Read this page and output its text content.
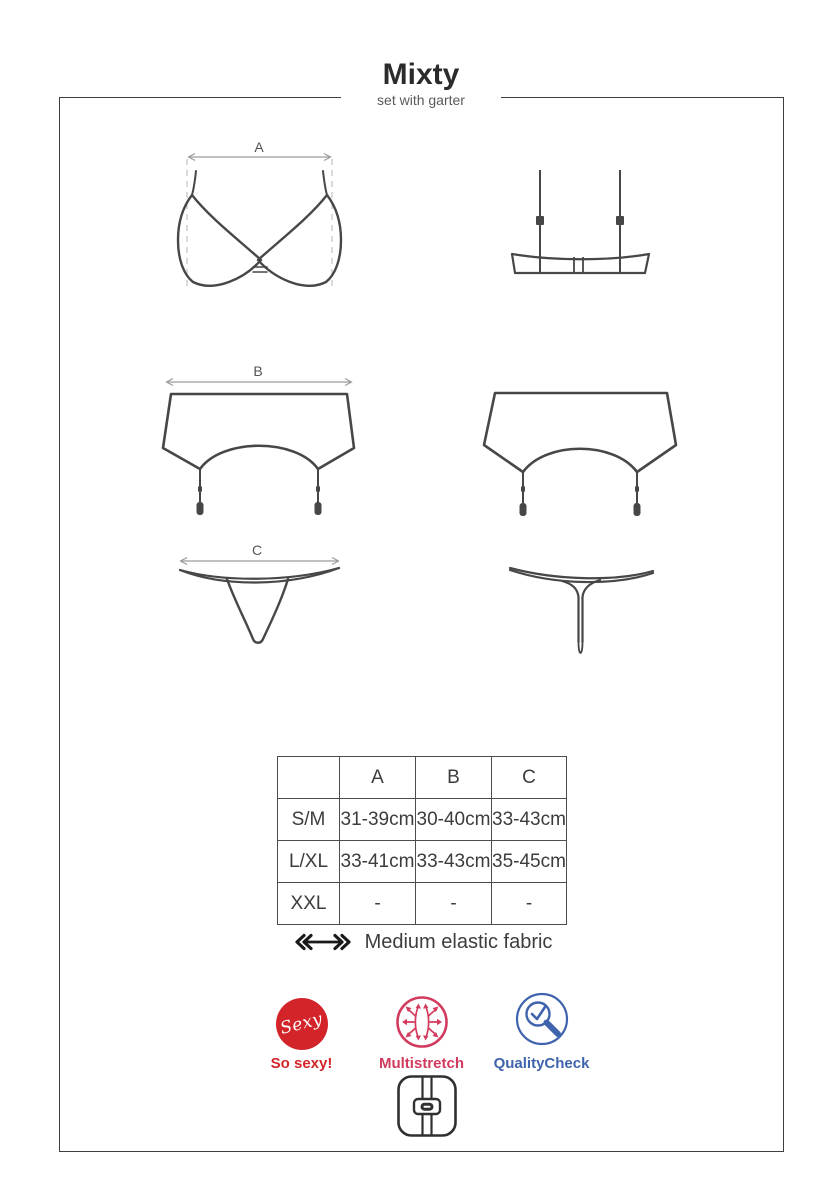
Mixty
set with garter
A
B
C
	A	B	C
S/M	31-39cm	30-40cm	33-43cm
L/XL	33-41cm	33-43cm	35-45cm
XXL	-	-	-
Medium elastic fabric
Sexy
So sexy!	Multistretch QualityCheck
